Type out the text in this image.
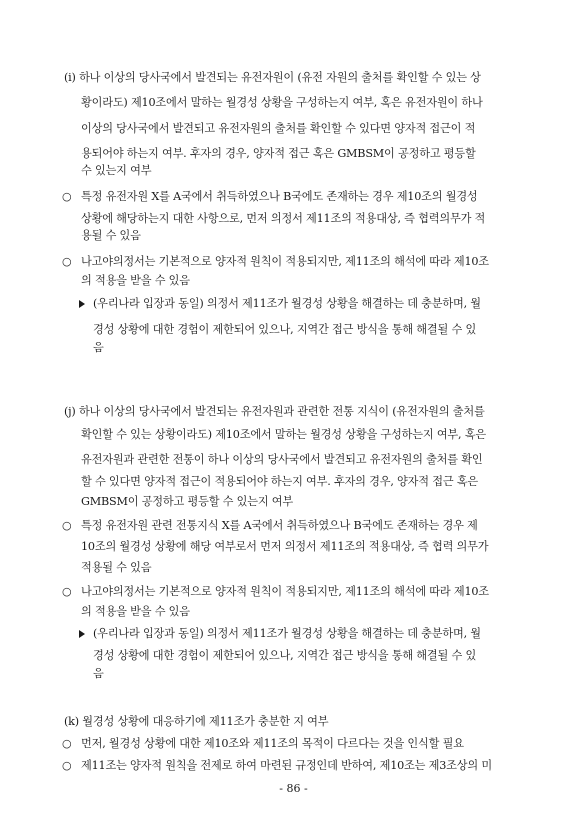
(i) 하나 이상의 당사국에서 발견되는 유전자원이 (유전 자원의 출처를 확인할 수 있는 상
황이라도) 제10조에서 말하는 월경성 상황을 구성하는지 여부, 혹은 유전자원이 하나
이상의 당사국에서 발견되고 유전자원의 출처를 확인할 수 있다면 양자적 접근이 적
용되어야 하는지 여부. 후자의 경우, 양자적 접근 혹은 GMBSM이 공정하고 평등할
수 있는지 여부
○ 특정 유전자원 X를 A국에서 취득하였으나 B국에도 존재하는 경우 제10조의 월경성
상황에 해당하는지 대한 사항으로, 먼저 의정서 제11조의 적용대상, 즉 협력의무가 적
용될 수 있음
○ 나고야의정서는 기본적으로 양자적 원칙이 적용되지만, 제11조의 해석에 따라 제10조
의 적용을 받을 수 있음
(우리나라 입장과 동일) 의정서 제11조가 월경성 상황을 해결하는 데 충분하며, 월
경성 상황에 대한 경험이 제한되어 있으나, 지역간 접근 방식을 통해 해결될 수 있
음
(j) 하나 이상의 당사국에서 발견되는 유전자원과 관련한 전통 지식이 (유전자원의 출처를
확인할 수 있는 상황이라도) 제10조에서 말하는 월경성 상황을 구성하는지 여부, 혹은
유전자원과 관련한 전통이 하나 이상의 당사국에서 발견되고 유전자원의 출처를 확인
할 수 있다면 양자적 접근이 적용되어야 하는지 여부. 후자의 경우, 양자적 접근 혹은
GMBSM이 공정하고 평등할 수 있는지 여부
○ 특정 유전자원 관련 전통지식 X를 A국에서 취득하였으나 B국에도 존재하는 경우 제
10조의 월경성 상황에 해당 여부로서 먼저 의정서 제11조의 적용대상, 즉 협력 의무가
적용될 수 있음
○ 나고야의정서는 기본적으로 양자적 원칙이 적용되지만, 제11조의 해석에 따라 제10조
의 적용을 받을 수 있음
(우리나라 입장과 동일) 의정서 제11조가 월경성 상황을 해결하는 데 충분하며, 월
경성 상황에 대한 경험이 제한되어 있으나, 지역간 접근 방식을 통해 해결될 수 있
음
(k) 월경성 상황에 대응하기에 제11조가 충분한 지 여부
○ 먼저, 월경성 상황에 대한 제10조와 제11조의 목적이 다르다는 것을 인식할 필요
○ 제11조는 양자적 원칙을 전제로 하여 마련된 규정인데 반하여, 제10조는 제3조상의 미
- 86 -
